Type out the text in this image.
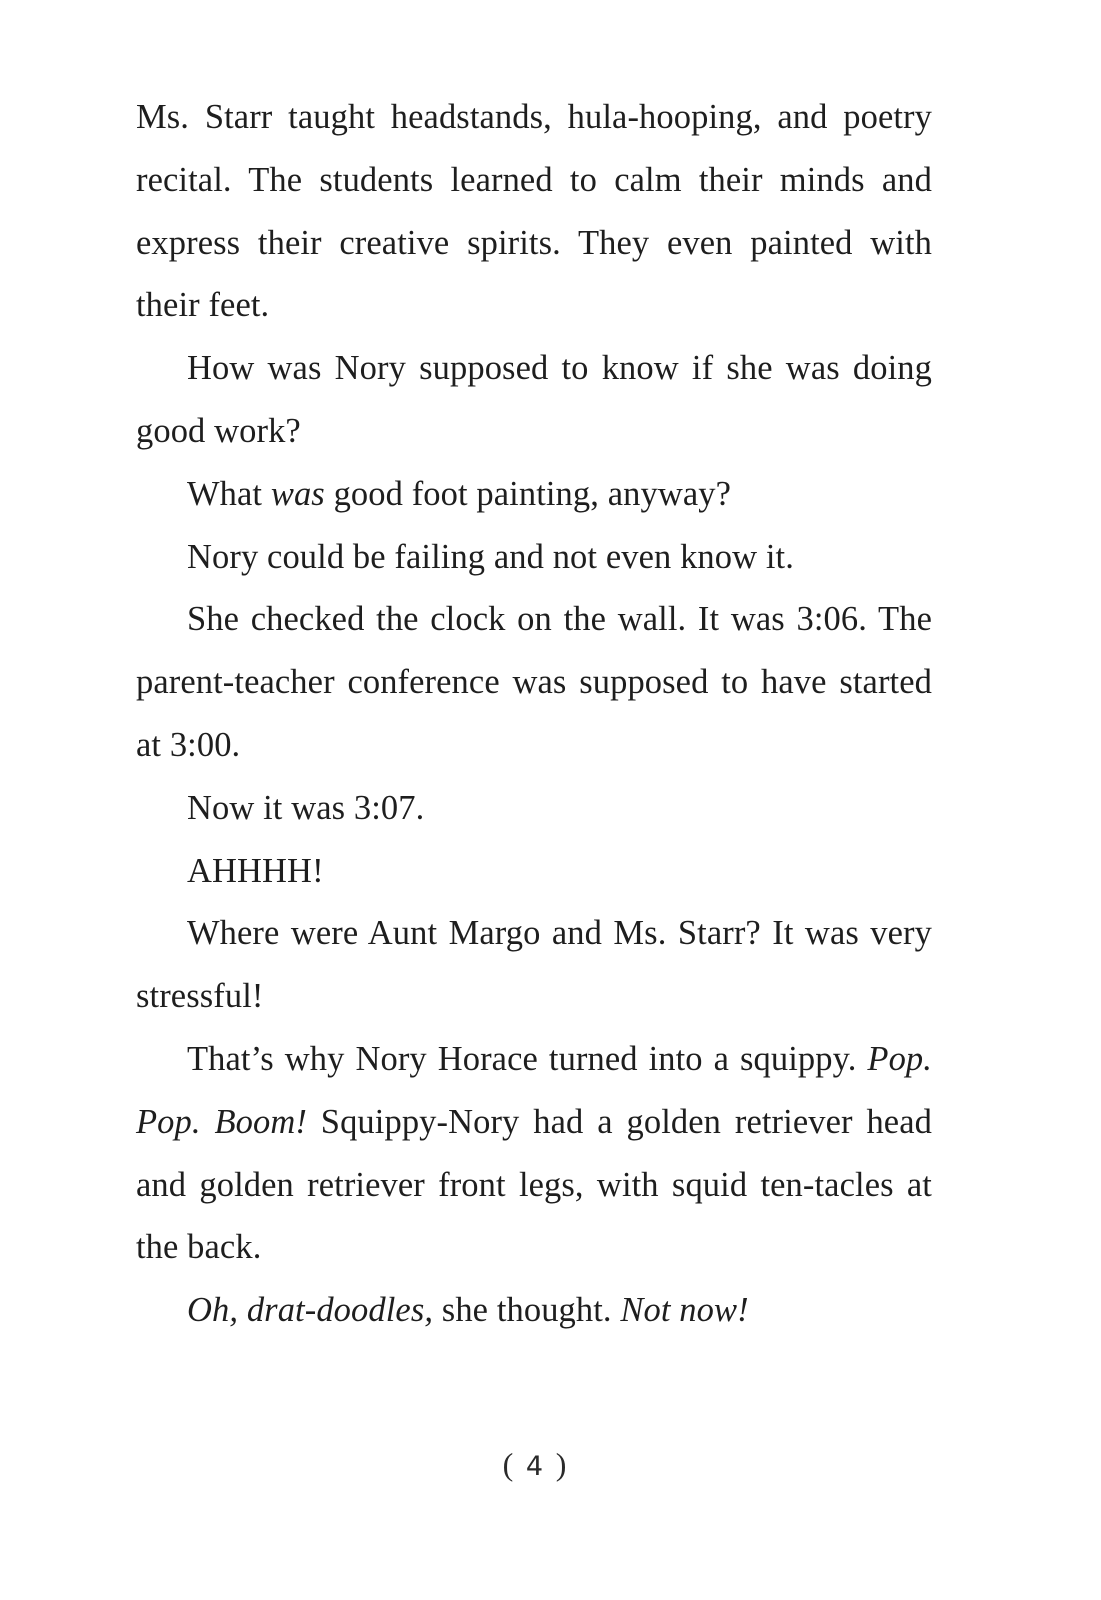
Ms. Starr taught headstands, hula-hooping, and poetry recital. The students learned to calm their minds and express their creative spirits. They even painted with their feet.

How was Nory supposed to know if she was doing good work?

What was good foot painting, anyway?

Nory could be failing and not even know it.

She checked the clock on the wall. It was 3:06. The parent-teacher conference was supposed to have started at 3:00.

Now it was 3:07.

AHHHH!

Where were Aunt Margo and Ms. Starr? It was very stressful!

That’s why Nory Horace turned into a squippy. Pop. Pop. Boom! Squippy-Nory had a golden retriever head and golden retriever front legs, with squid ten-tacles at the back.

Oh, drat-doodles, she thought. Not now!

( 4 )
